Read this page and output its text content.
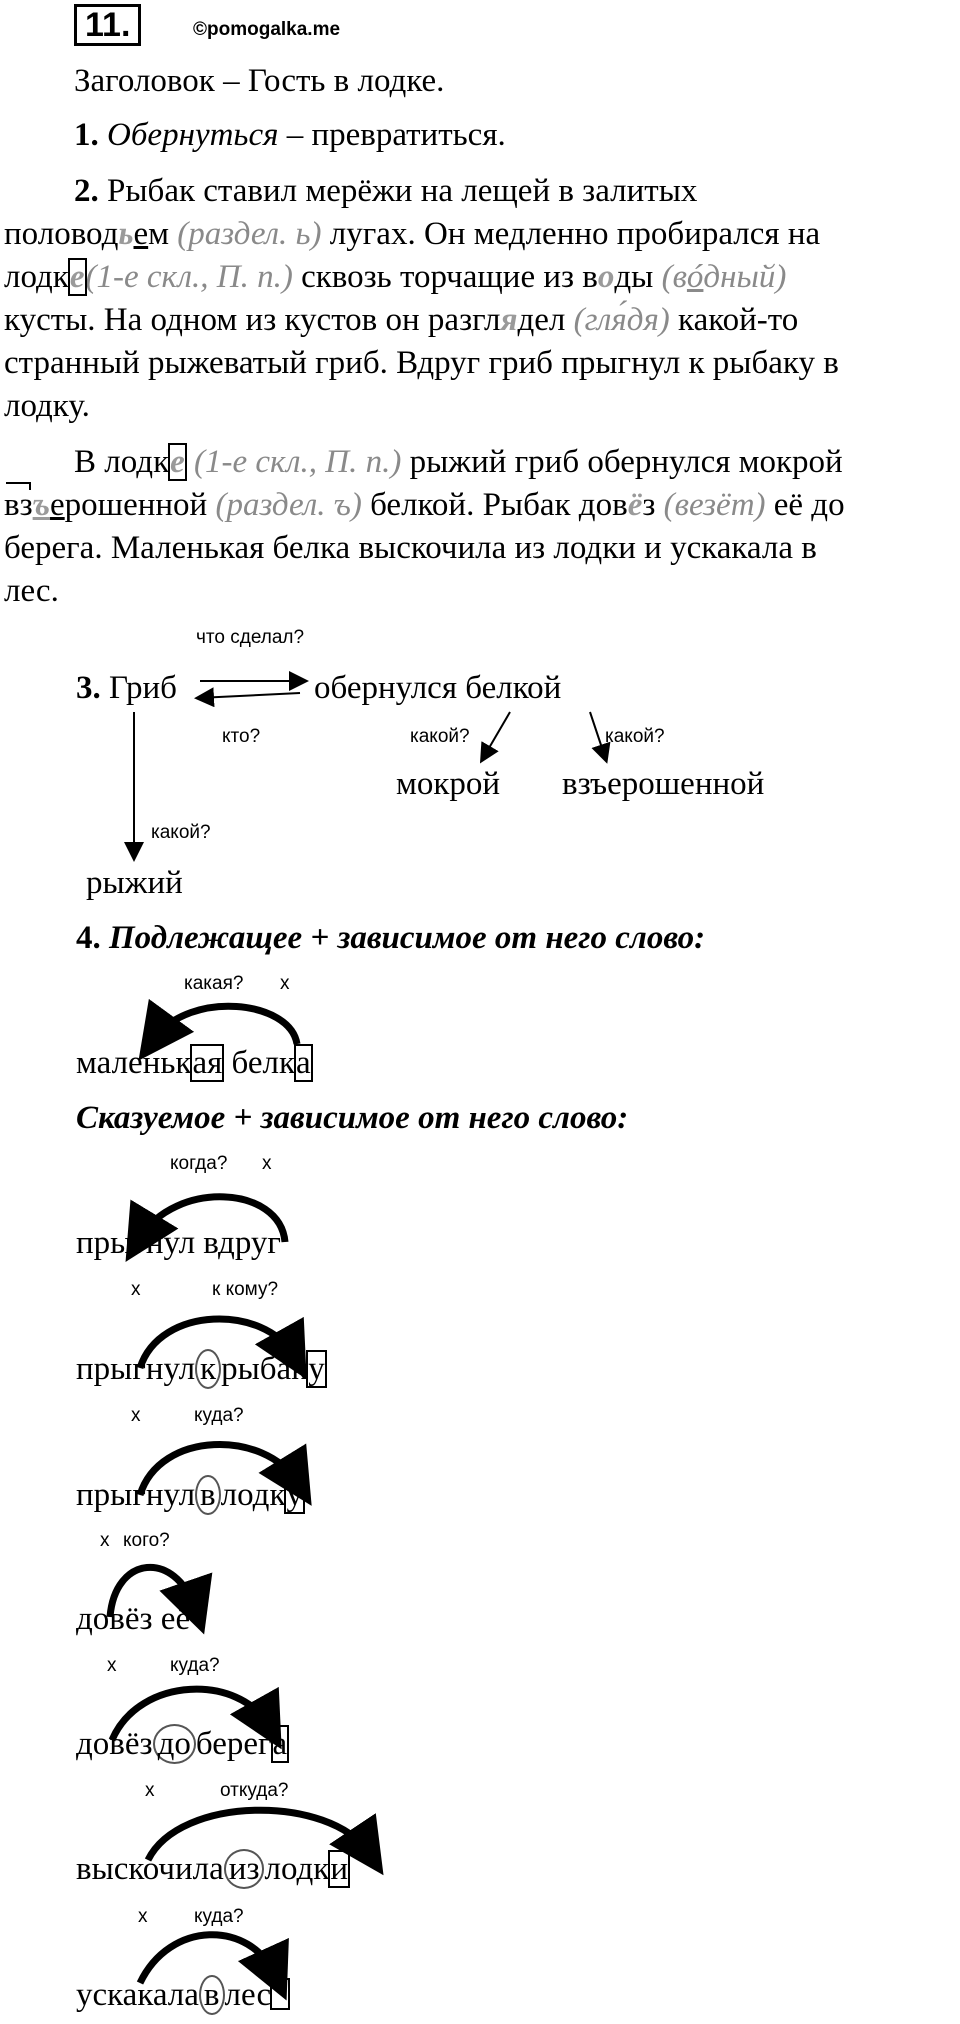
11.	©pomogalka.me
Заголовок – Гость в лодке.
1. Обернуться – превратиться.
2. Рыбак ставил мерёжи на лещей в залитых
половодьем (раздел. ь) лугах. Он медленно пробирался на
лодке(1-е скл., П. п.) сквозь торчащие из воды (вóдный)
кусты. На одном из кустов он разглядел (гля́дя) какой-то
странный рыжеватый гриб. Вдруг гриб прыгнул к рыбаку в
лодку.
В лодке (1-е скл., П. п.) рыжий гриб обернулся мокрой
взъерошенной (раздел. ъ) белкой. Рыбак довёз (везёт) её до
берега. Маленькая белка выскочила из лодки и ускакала в
лес.
что сделал?
3. Гриб	обернулся белкой
кто?	какой?	какой?
мокрой взъерошенной
какой?
рыжий
4. Подлежащее + зависимое от него слово:
какая? x
маленькая белка
Сказуемое + зависимое от него слово:
когда? x
прыгнул вдруг
x	к кому?
прыгнул к рыбаку
x	куда?
прыгнул в лодку
x кого?
довёз её
x	куда?
довёз до берега
x	откуда?
выскочила из лодки
x куда?
ускакала в лес
